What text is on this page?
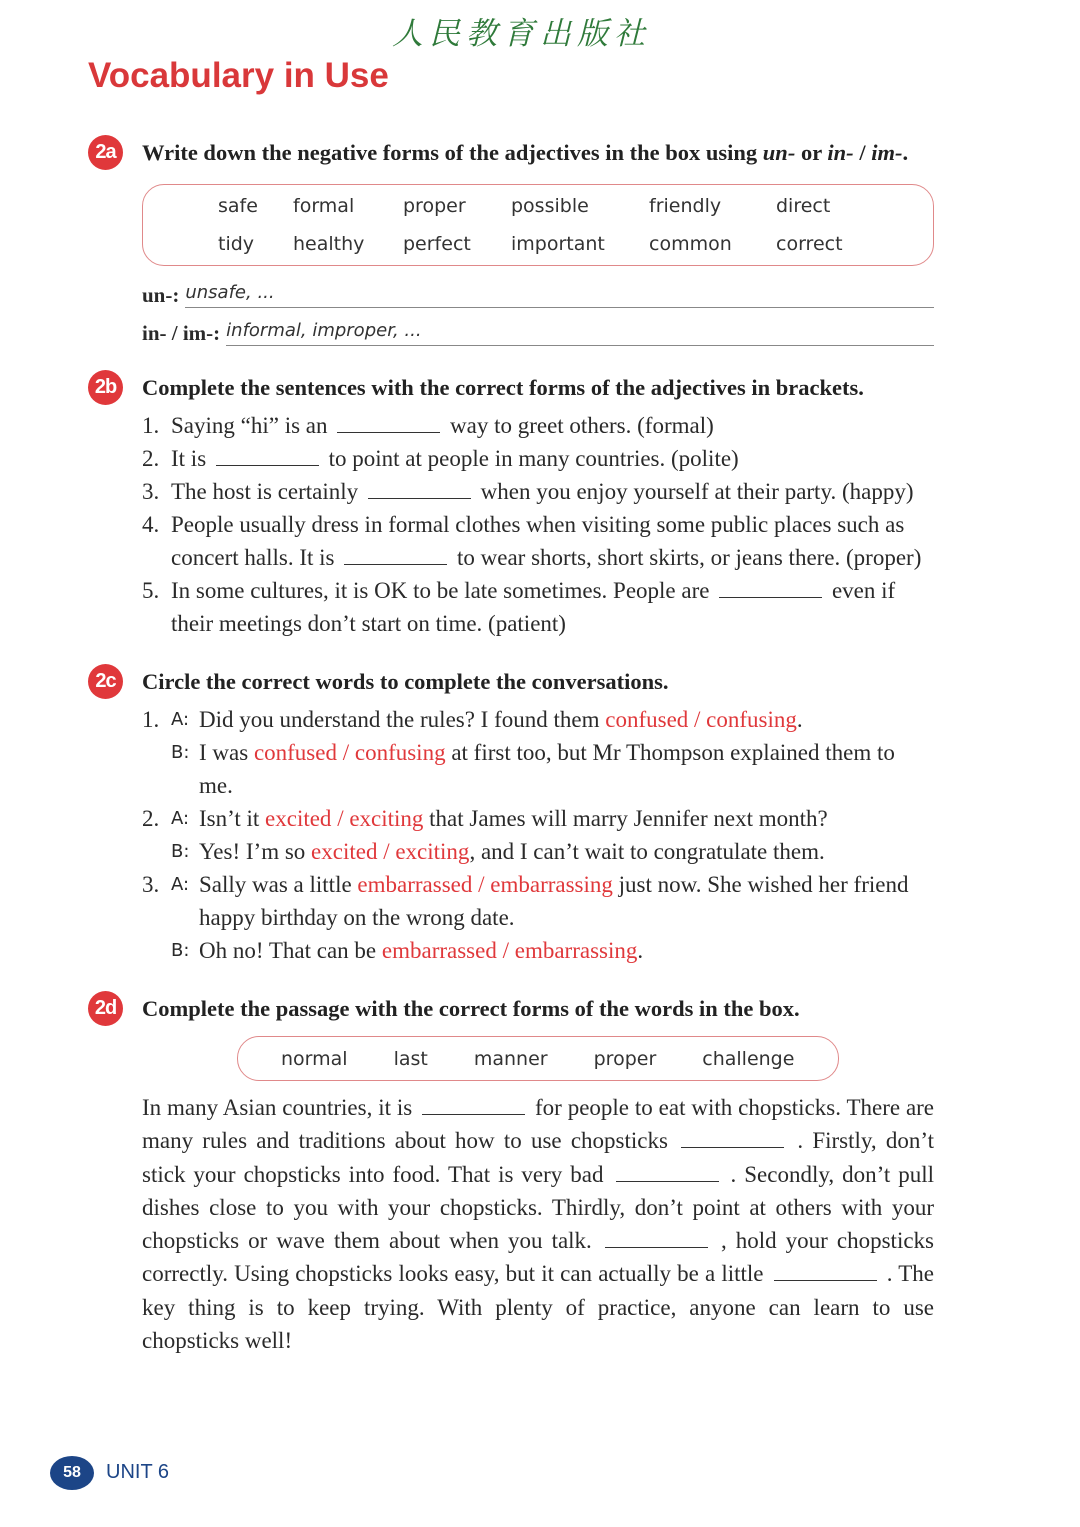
人民教育出版社
Vocabulary in Use
2a	Write down the negative forms of the adjectives in the box using un- or in- / im-.
safe	formal	proper	possible	friendly	direct
tidy	healthy	perfect	important	common	correct
un-: unsafe, ...
in- / im-: informal, improper, ...
2b	Complete the sentences with the correct forms of the adjectives in brackets.
1. Saying “hi” is an	way to greet others. (formal)
2. It is	to point at people in many countries. (polite)
3. The host is certainly	when you enjoy yourself at their party. (happy)
4. People usually dress in formal clothes when visiting some public places such as concert halls. It is	to wear shorts, short skirts, or jeans there. (proper)
5. In some cultures, it is OK to be late sometimes. People are	even if their meetings don’t start on time. (patient)
2c	Circle the correct words to complete the conversations.
1. A: Did you understand the rules? I found them confused / confusing.
B: I was confused / confusing at first too, but Mr Thompson explained them to me.
2. A: Isn’t it excited / exciting that James will marry Jennifer next month?
B: Yes! I’m so excited / exciting, and I can’t wait to congratulate them.
3. A: Sally was a little embarrassed / embarrassing just now. She wished her friend happy birthday on the wrong date.
B: Oh no! That can be embarrassed / embarrassing.
2d	Complete the passage with the correct forms of the words in the box.
normal last manner proper challenge
In many Asian countries, it is	for people to eat with chopsticks. There are many rules and traditions about how to use chopsticks	. Firstly, don’t stick your chopsticks into food. That is very bad	. Secondly, don’t pull dishes close to you with your chopsticks. Thirdly, don’t point at others with your chopsticks or wave them about when you talk.	, hold your chopsticks correctly. Using chopsticks looks easy, but it can actually be a little	. The key thing is to keep trying. With plenty of practice, anyone can learn to use chopsticks well!
58	UNIT 6
